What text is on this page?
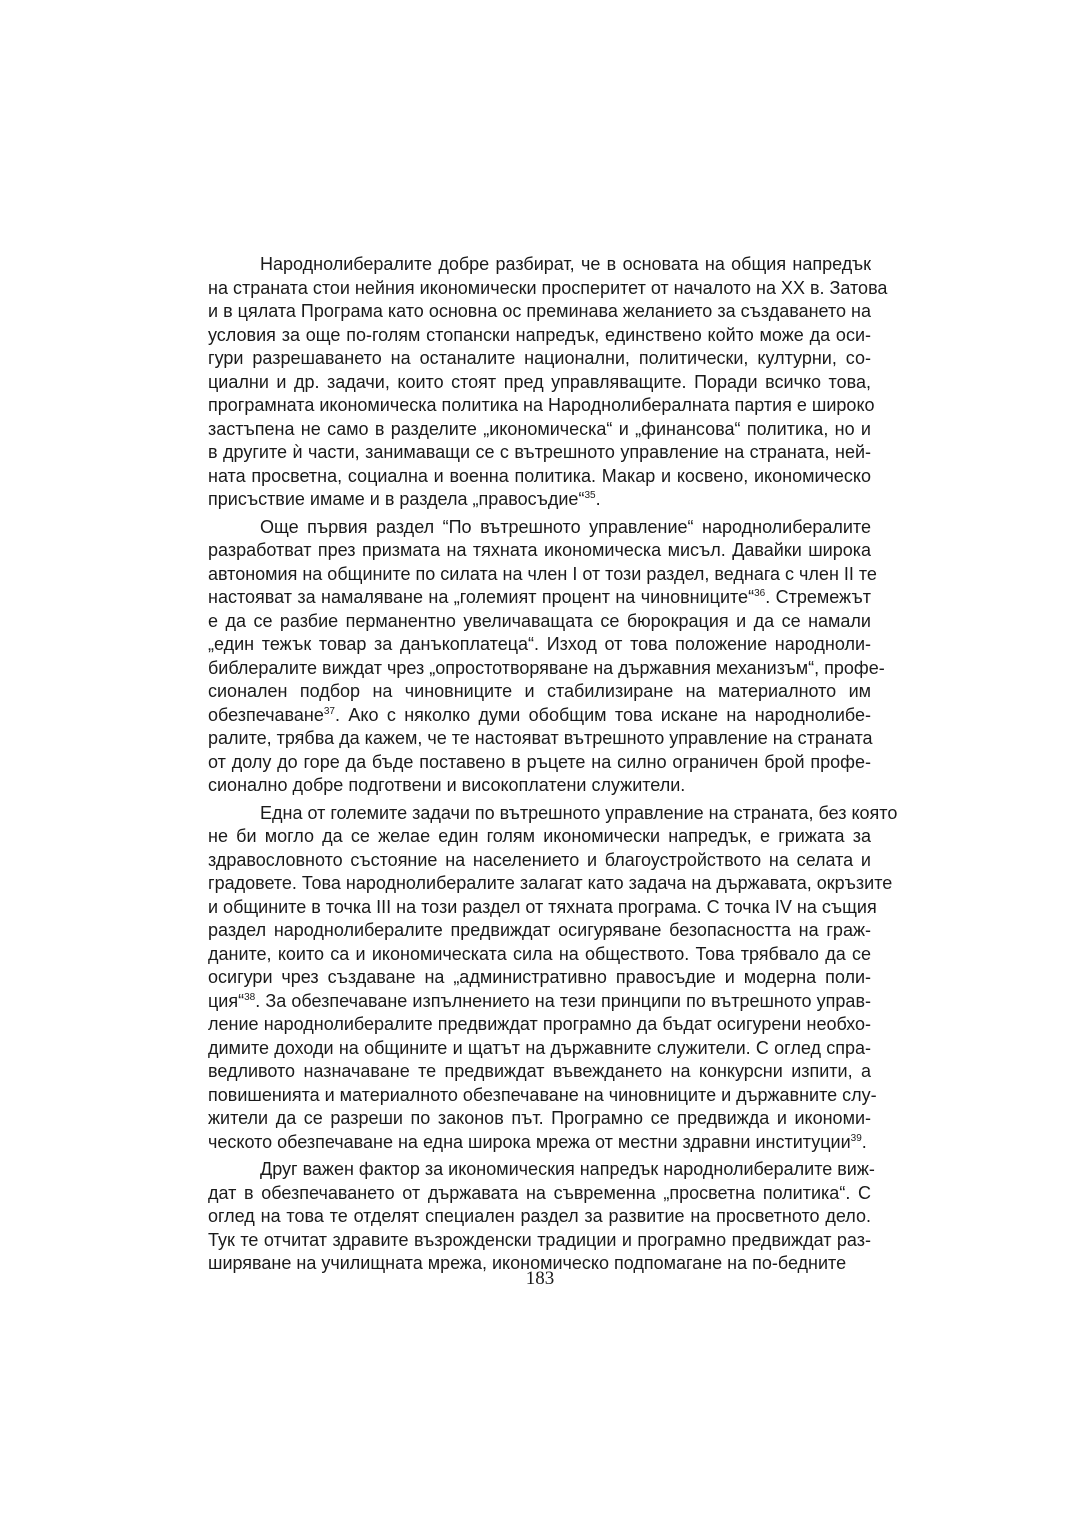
Народнолибералите добре разбират, че в основата на общия напредък
на страната стои нейния икономически просперитет от началото на XX в. Затова
и в цялата Програма като основна ос преминава желанието за създаването на
условия за още по-голям стопански напредък, единствено който може да оси-
гури разрешаването на останалите национални, политически, културни, со-
циални и др. задачи, които стоят пред управляващите. Поради всичко това,
програмната икономическа политика на Народнолибералната партия е широко
застъпена не само в разделите „икономическа“ и „финансова“ политика, но и
в другите ѝ части, занимаващи се с вътрешното управление на страната, ней-
ната просветна, социална и военна политика. Макар и косвено, икономическо
присъствие имаме и в раздела „правосъдие“$^{35}$.
Още първия раздел “По вътрешното управление“ народнолибералите
разработват през призмата на тяхната икономическа мисъл. Давайки широка
автономия на общините по силата на член I от този раздел, веднага с член II те
настояват за намаляване на „големият процент на чиновниците“$^{36}$. Стремежът
е да се разбие перманентно увеличаващата се бюрокрация и да се намали
„един тежък товар за данъкоплатеца“. Изход от това положение народноли-
библералите виждат чрез „опростотворяване на държавния механизъм“, профе-
сионален подбор на чиновниците и стабилизиране на материалното им
обезпечаване$^{37}$. Ако с няколко думи обобщим това искане на народнолибе-
ралите, трябва да кажем, че те настояват вътрешното управление на страната
от долу до горе да бъде поставено в ръцете на силно ограничен брой профе-
сионално добре подготвени и високоплатени служители.
Една от големите задачи по вътрешното управление на страната, без която
не би могло да се желае един голям икономически напредък, е грижата за
здравословното състояние на населението и благоустройството на селата и
градовете. Това народнолибералите залагат като задача на държавата, окръзите
и общините в точка III на този раздел от тяхната програма. С точка IV на същия
раздел народнолибералите предвиждат осигуряване безопасността на граж-
даните, които са и икономическата сила на обществото. Това трябвало да се
осигури чрез създаване на „административно правосъдие и модерна поли-
ция“$^{38}$. За обезпечаване изпълнението на тези принципи по вътрешното управ-
ление народнолибералите предвиждат програмно да бъдат осигурени необхо-
димите доходи на общините и щатът на държавните служители. С оглед спра-
ведливото назначаване те предвиждат въвеждането на конкурсни изпити, а
повишенията и материалното обезпечаване на чиновниците и държавните слу-
жители да се разреши по законов път. Програмно се предвижда и икономи-
ческото обезпечаване на една широка мрежа от местни здравни институции$^{39}$.
Друг важен фактор за икономическия напредък народнолибералите виж-
дат в обезпечаването от държавата на съвременна „просветна политика“. С
оглед на това те отделят специален раздел за развитие на просветното дело.
Тук те отчитат здравите възрожденски традиции и програмно предвиждат раз-
ширяване на училищната мрежа, икономическо подпомагане на по-бедните
183
